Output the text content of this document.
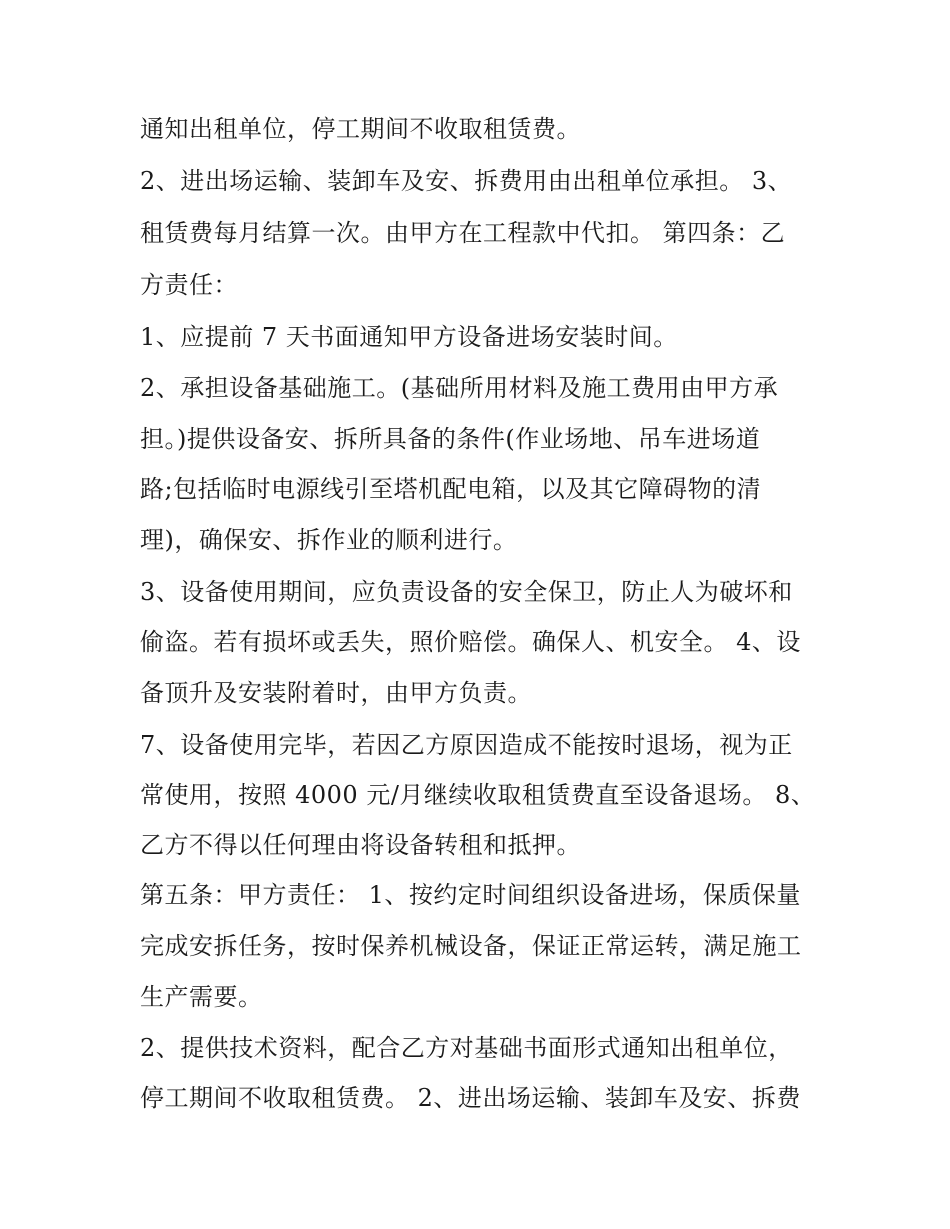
通知出租单位，停工期间不收取租赁费。
2、进出场运输、装卸车及安、拆费用由出租单位承担。 3、
租赁费每月结算一次。由甲方在工程款中代扣。 第四条：乙
方责任：
1、应提前 7 天书面通知甲方设备进场安装时间。
2、承担设备基础施工。(基础所用材料及施工费用由甲方承
担。)提供设备安、拆所具备的条件(作业场地、吊车进场道
路;包括临时电源线引至塔机配电箱，以及其它障碍物的清
理)，确保安、拆作业的顺利进行。
3、设备使用期间，应负责设备的安全保卫，防止人为破坏和
偷盗。若有损坏或丢失，照价赔偿。确保人、机安全。 4、设
备顶升及安装附着时，由甲方负责。
7、设备使用完毕，若因乙方原因造成不能按时退场，视为正
常使用，按照 4000 元/月继续收取租赁费直至设备退场。 8、
乙方不得以任何理由将设备转租和抵押。
第五条：甲方责任： 1、按约定时间组织设备进场，保质保量
完成安拆任务，按时保养机械设备，保证正常运转，满足施工
生产需要。
2、提供技术资料，配合乙方对基础书面形式通知出租单位，
停工期间不收取租赁费。 2、进出场运输、装卸车及安、拆费
